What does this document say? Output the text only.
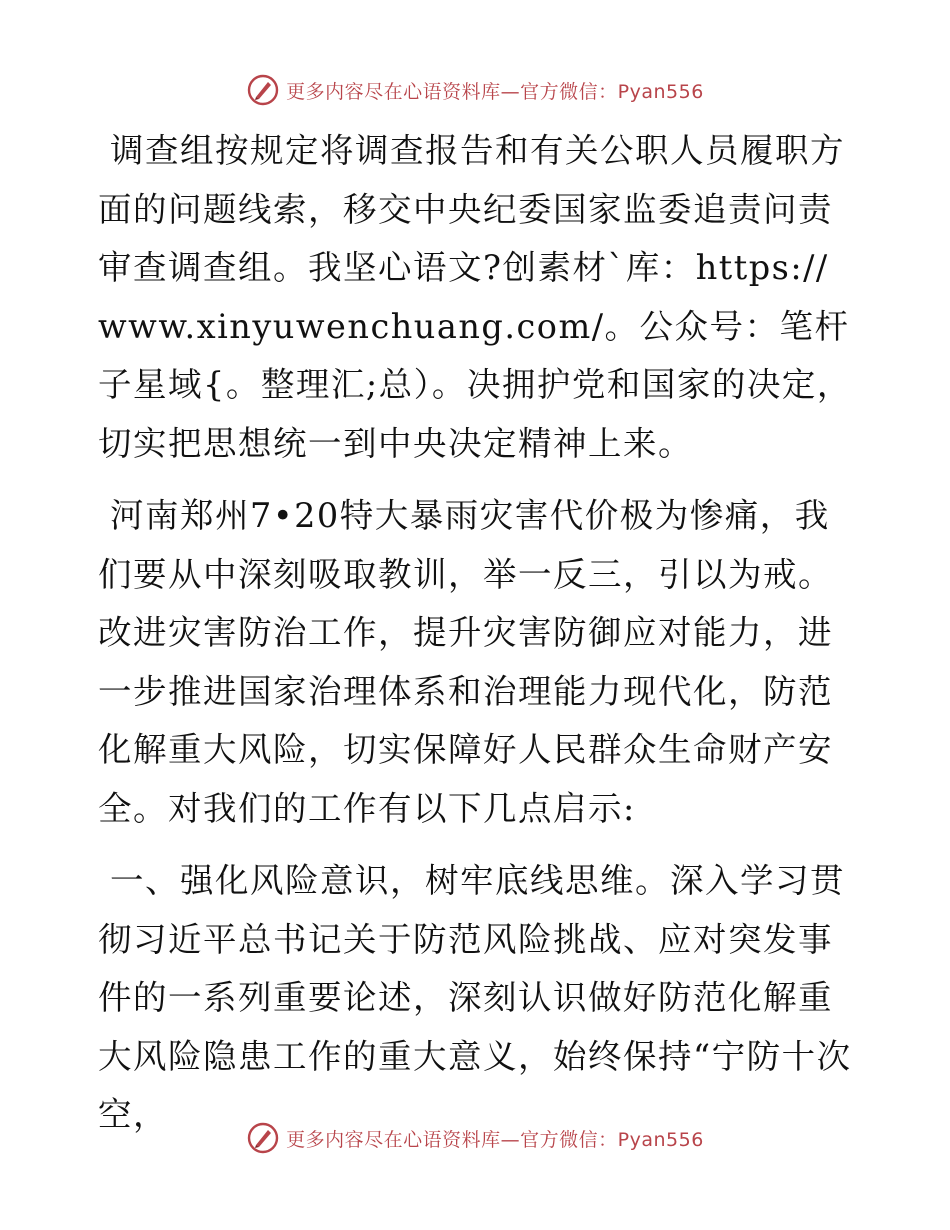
更多内容尽在心语资料库—官方微信：Pyan556

调查组按规定将调查报告和有关公职人员履职方面的问题线索，移交中央纪委国家监委追责问责审查调查组。我坚心语文?创素材`库：https://www.xinyuwenchuang.com/。公众号：笔杆子星域{。整理汇;总）。决拥护党和国家的决定，切实把思想统一到中央决定精神上来。

河南郑州7•20特大暴雨灾害代价极为惨痛，我们要从中深刻吸取教训，举一反三，引以为戒。改进灾害防治工作，提升灾害防御应对能力，进一步推进国家治理体系和治理能力现代化，防范化解重大风险，切实保障好人民群众生命财产安全。对我们的工作有以下几点启示:

一、强化风险意识，树牢底线思维。深入学习贯彻习近平总书记关于防范风险挑战、应对突发事件的一系列重要论述，深刻认识做好防范化解重大风险隐患工作的重大意义，始终保持“宁防十次空，

更多内容尽在心语资料库—官方微信：Pyan556
